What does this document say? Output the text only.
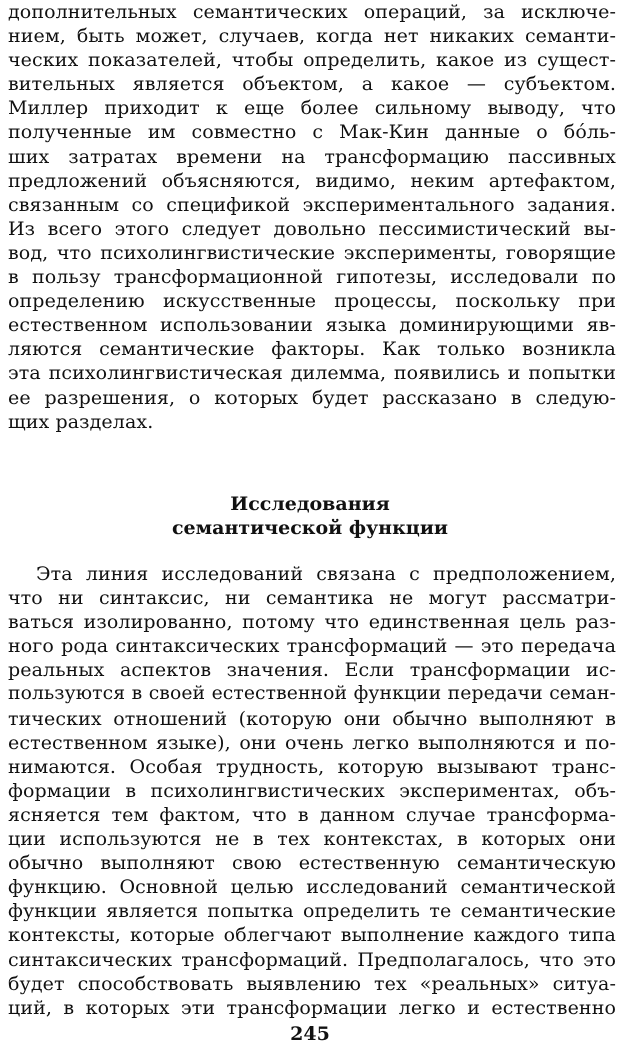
дополнительных семантических операций, за исключе-
нием, быть может, случаев, когда нет никаких семанти-
ческих показателей, чтобы определить, какое из сущест-
вительных является объектом, а какое — субъектом.
Миллер приходит к еще более сильному выводу, что
полученные им совместно с Мак-Кин данные о бо́ль-
ших затратах времени на трансформацию пассивных
предложений объясняются, видимо, неким артефактом,
связанным со спецификой экспериментального задания.
Из всего этого следует довольно пессимистический вы-
вод, что психолингвистические эксперименты, говорящие
в пользу трансформационной гипотезы, исследовали по
определению искусственные процессы, поскольку при
естественном использовании языка доминирующими яв-
ляются семантические факторы. Как только возникла
эта психолингвистическая дилемма, появились и попытки
ее разрешения, о которых будет рассказано в следую-
щих разделах.
Исследования
семантической функции
Эта линия исследований связана с предположением,
что ни синтаксис, ни семантика не могут рассматри-
ваться изолированно, потому что единственная цель раз-
ного рода синтаксических трансформаций — это передача
реальных аспектов значения. Если трансформации ис-
пользуются в своей естественной функции передачи семан-
тических отношений (которую они обычно выполняют в
естественном языке), они очень легко выполняются и по-
нимаются. Особая трудность, которую вызывают транс-
формации в психолингвистических экспериментах, объ-
ясняется тем фактом, что в данном случае трансформа-
ции используются не в тех контекстах, в которых они
обычно выполняют свою естественную семантическую
функцию. Основной целью исследований семантической
функции является попытка определить те семантические
контексты, которые облегчают выполнение каждого типа
синтаксических трансформаций. Предполагалось, что это
будет способствовать выявлению тех «реальных» ситуа-
ций, в которых эти трансформации легко и естественно
245
